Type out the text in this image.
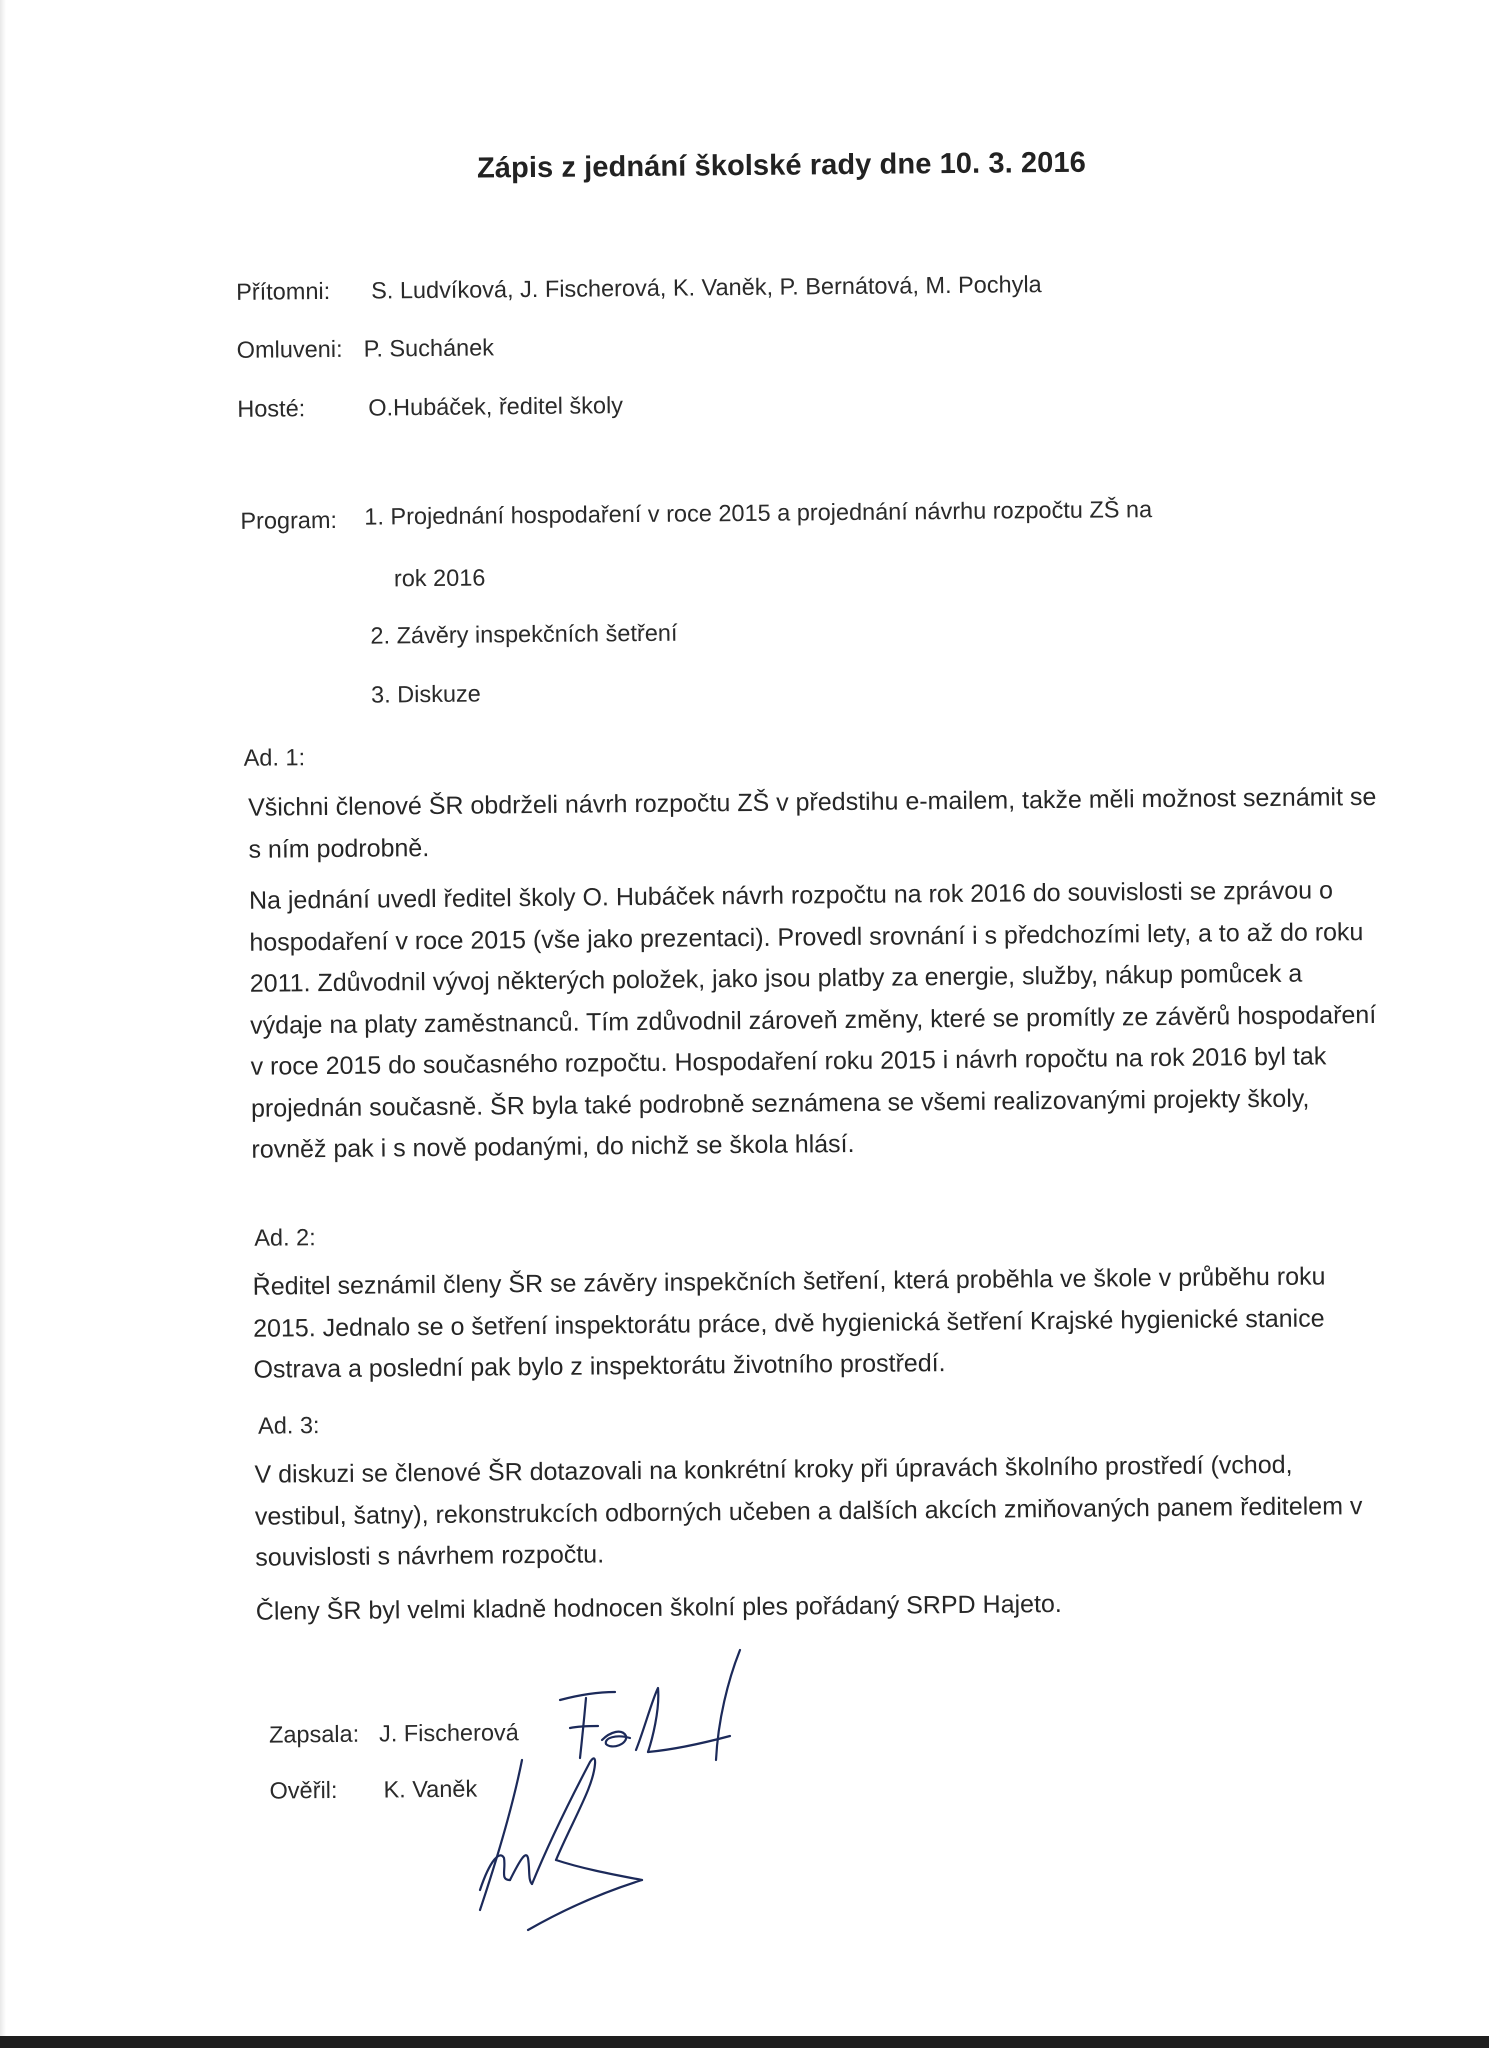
Zápis z jednání školské rady dne 10. 3. 2016
Přítomni: S. Ludvíková, J. Fischerová, K. Vaněk, P. Bernátová, M. Pochyla
Omluveni: P. Suchánek
Hosté:	O.Hubáček, ředitel školy
Program: 1. Projednání hospodaření v roce 2015 a projednání návrhu rozpočtu ZŠ na
rok 2016
2. Závěry inspekčních šetření
3. Diskuze
Ad. 1:
Všichni členové ŠR obdrželi návrh rozpočtu ZŠ v předstihu e-mailem, takže měli možnost seznámit se s ním podrobně.
Na jednání uvedl ředitel školy O. Hubáček návrh rozpočtu na rok 2016 do souvislosti se zprávou o hospodaření v roce 2015 (vše jako prezentaci). Provedl srovnání i s předchozími lety, a to až do roku 2011. Zdůvodnil vývoj některých položek, jako jsou platby za energie, služby, nákup pomůcek a výdaje na platy zaměstnanců. Tím zdůvodnil zároveň změny, které se promítly ze závěrů hospodaření v roce 2015 do současného rozpočtu. Hospodaření roku 2015 i návrh ropočtu na rok 2016 byl tak projednán současně. ŠR byla také podrobně seznámena se všemi realizovanými projekty školy, rovněž pak i s nově podanými, do nichž se škola hlásí.
Ad. 2:
Ředitel seznámil členy ŠR se závěry inspekčních šetření, která proběhla ve škole v průběhu roku 2015. Jednalo se o šetření inspektorátu práce, dvě hygienická šetření Krajské hygienické stanice Ostrava a poslední pak bylo z inspektorátu životního prostředí.
Ad. 3:
V diskuzi se členové ŠR dotazovali na konkrétní kroky při úpravách školního prostředí (vchod, vestibul, šatny), rekonstrukcích odborných učeben a dalších akcích zmiňovaných panem ředitelem v souvislosti s návrhem rozpočtu.
Členy ŠR byl velmi kladně hodnocen školní ples pořádaný SRPD Hajeto.
Zapsala: J. Fischerová
Ověřil: K. Vaněk
